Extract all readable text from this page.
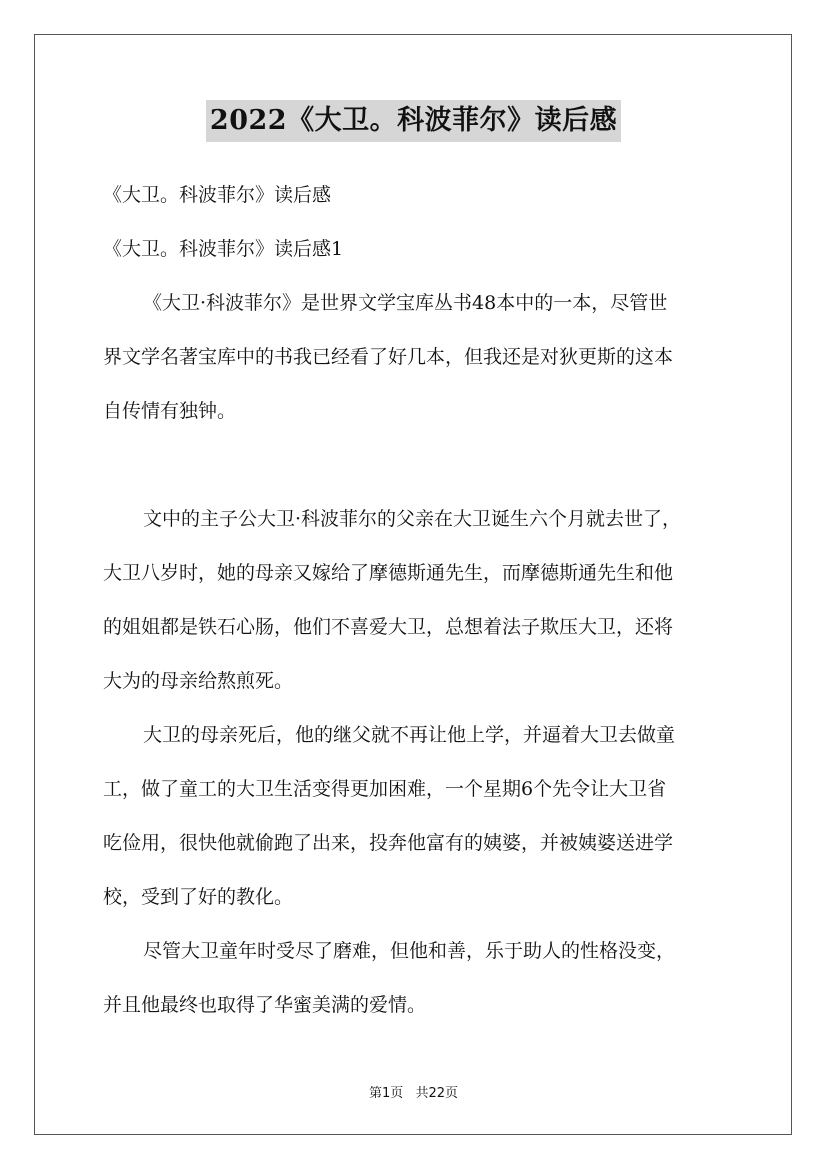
2022《大卫。科波菲尔》读后感

《大卫。科波菲尔》读后感

《大卫。科波菲尔》读后感1

《大卫·科波菲尔》是世界文学宝库丛书48本中的一本，尽管世

界文学名著宝库中的书我已经看了好几本，但我还是对狄更斯的这本

自传情有独钟。

文中的主子公大卫·科波菲尔的父亲在大卫诞生六个月就去世了，

大卫八岁时，她的母亲又嫁给了摩德斯通先生，而摩德斯通先生和他

的姐姐都是铁石心肠，他们不喜爱大卫，总想着法子欺压大卫，还将

大为的母亲给熬煎死。

大卫的母亲死后，他的继父就不再让他上学，并逼着大卫去做童

工，做了童工的大卫生活变得更加困难，一个星期6个先令让大卫省

吃俭用，很快他就偷跑了出来，投奔他富有的姨婆，并被姨婆送进学

校，受到了好的教化。

尽管大卫童年时受尽了磨难，但他和善，乐于助人的性格没变，

并且他最终也取得了华蜜美满的爱情。

第1页 共22页
